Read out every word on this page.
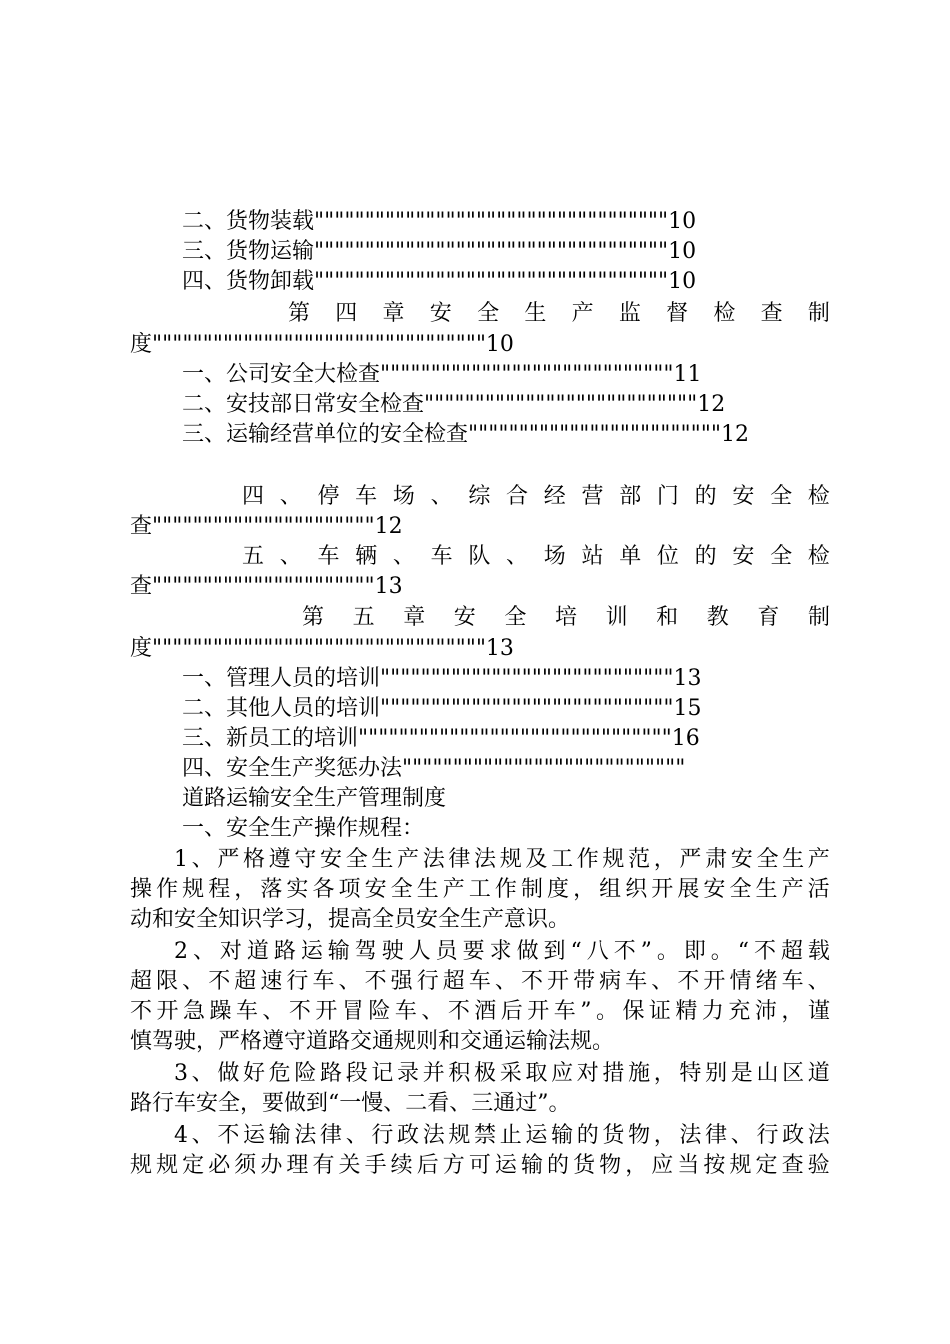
二、货物装载"""""""""""""""""""""""""""""""""""10
三、货物运输"""""""""""""""""""""""""""""""""""10
四、货物卸载"""""""""""""""""""""""""""""""""""10
第 四 章 安 全 生 产 监 督 检 查 制
度"""""""""""""""""""""""""""""""""10
一、公司安全大检查"""""""""""""""""""""""""""""11
二、安技部日常安全检查"""""""""""""""""""""""""""12
三、运输经营单位的安全检查"""""""""""""""""""""""""12
四 、 停 车 场 、 综 合 经 营 部 门 的 安 全 检
查""""""""""""""""""""""12
五 、 车 辆 、 车 队 、 场 站 单 位 的 安 全 检
查""""""""""""""""""""""13
第 五 章 安 全 培 训 和 教 育 制
度"""""""""""""""""""""""""""""""""13
一、管理人员的培训"""""""""""""""""""""""""""""13
二、其他人员的培训"""""""""""""""""""""""""""""15
三、新员工的培训"""""""""""""""""""""""""""""""16
四、安全生产奖惩办法""""""""""""""""""""""""""""
道路运输安全生产管理制度
一、安全生产操作规程：
1 、 严 格 遵 守 安 全 生 产 法 律 法 规 及 工 作 规 范 ， 严 肃 安 全 生 产
操 作 规 程 ， 落 实 各 项 安 全 生 产 工 作 制 度 ， 组 织 开 展 安 全 生 产 活
动和安全知识学习，提高全员安全生产意识。
2 、 对 道 路 运 输 驾 驶 人 员 要 求 做 到 “ 八 不 ” 。 即 。 “ 不 超 载
超 限 、 不 超 速 行 车 、 不 强 行 超 车 、 不 开 带 病 车 、 不 开 情 绪 车 、
不 开 急 躁 车 、 不 开 冒 险 车 、 不 酒 后 开 车 ” 。 保 证 精 力 充 沛 ， 谨
慎驾驶，严格遵守道路交通规则和交通运输法规。
3 、 做 好 危 险 路 段 记 录 并 积 极 采 取 应 对 措 施 ， 特 别 是 山 区 道
路行车安全，要做到“一慢、二看、三通过”。
4 、 不 运 输 法 律 、 行 政 法 规 禁 止 运 输 的 货 物 ， 法 律 、 行 政 法
规 规 定 必 须 办 理 有 关 手 续 后 方 可 运 输 的 货 物 ， 应 当 按 规 定 查 验
